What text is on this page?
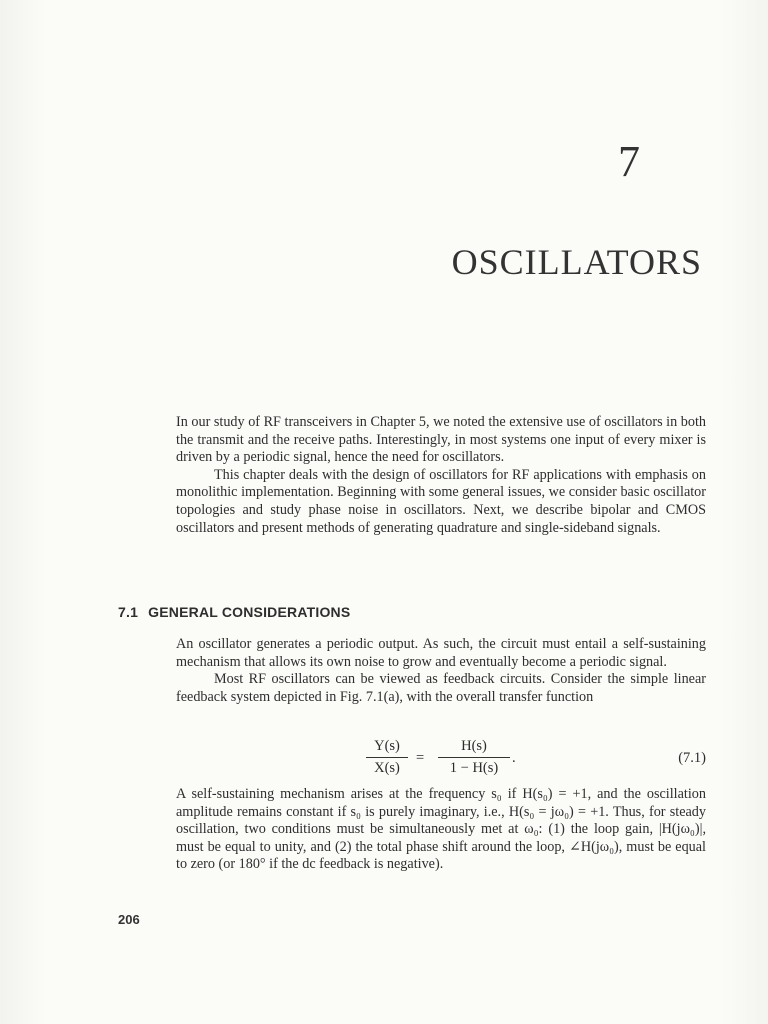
7
OSCILLATORS

In our study of RF transceivers in Chapter 5, we noted the extensive use of oscillators in both the transmit and the receive paths. Interestingly, in most systems one input of every mixer is driven by a periodic signal, hence the need for oscillators.

This chapter deals with the design of oscillators for RF applications with emphasis on monolithic implementation. Beginning with some general issues, we consider basic oscillator topologies and study phase noise in oscillators. Next, we describe bipolar and CMOS oscillators and present methods of generating quadrature and single-sideband signals.

7.1 GENERAL CONSIDERATIONS

An oscillator generates a periodic output. As such, the circuit must entail a self-sustaining mechanism that allows its own noise to grow and eventually become a periodic signal.

Most RF oscillators can be viewed as feedback circuits. Consider the simple linear feedback system depicted in Fig. 7.1(a), with the overall transfer function

$\frac{Y(s)}{X(s)} = \frac{H(s)}{1 - H(s)}$ .	(7.1)

A self-sustaining mechanism arises at the frequency s₀ if H(s₀) = +1, and the oscillation amplitude remains constant if s₀ is purely imaginary, i.e., H(s₀ = jω₀) = +1. Thus, for steady oscillation, two conditions must be simultaneously met at ω₀: (1) the loop gain, |H(jω₀)|, must be equal to unity, and (2) the total phase shift around the loop, ∠H(jω₀), must be equal to zero (or 180° if the dc feedback is negative).

206
